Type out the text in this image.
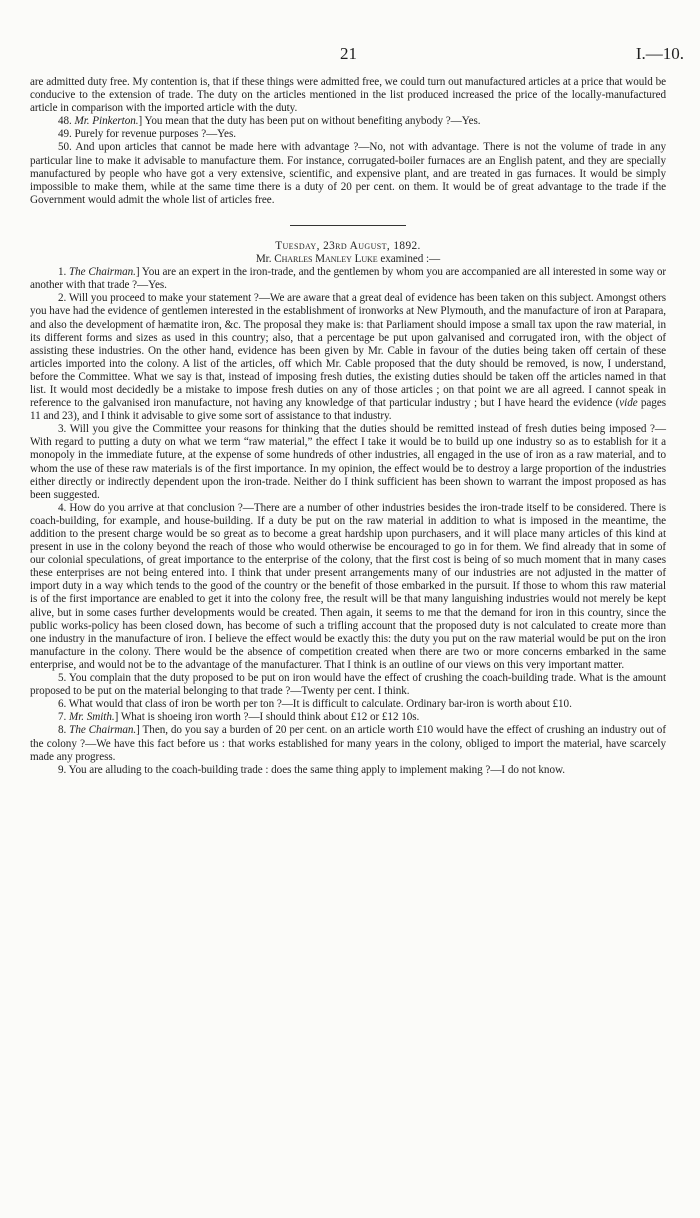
21	I.—10.

are admitted duty free. My contention is, that if these things were admitted free, we could turn out manufactured articles at a price that would be conducive to the extension of trade. The duty on the articles mentioned in the list produced increased the price of the locally-manufactured article in comparison with the imported article with the duty.

48. Mr. Pinkerton.] You mean that the duty has been put on without benefiting anybody ?—Yes.

49. Purely for revenue purposes ?—Yes.

50. And upon articles that cannot be made here with advantage ?—No, not with advantage. There is not the volume of trade in any particular line to make it advisable to manufacture them. For instance, corrugated-boiler furnaces are an English patent, and they are specially manufactured by people who have got a very extensive, scientific, and expensive plant, and are treated in gas furnaces. It would be simply impossible to make them, while at the same time there is a duty of 20 per cent. on them. It would be of great advantage to the trade if the Government would admit the whole list of articles free.

Tuesday, 23rd August, 1892.

Mr. Charles Manley Luke examined :—

1. The Chairman.] You are an expert in the iron-trade, and the gentlemen by whom you are accompanied are all interested in some way or another with that trade ?—Yes.

2. Will you proceed to make your statement ?—We are aware that a great deal of evidence has been taken on this subject. Amongst others you have had the evidence of gentlemen interested in the establishment of ironworks at New Plymouth, and the manufacture of iron at Parapara, and also the development of hæmatite iron, &c. The proposal they make is: that Parliament should impose a small tax upon the raw material, in its different forms and sizes as used in this country; also, that a percentage be put upon galvanised and corrugated iron, with the object of assisting these industries. On the other hand, evidence has been given by Mr. Cable in favour of the duties being taken off certain of these articles imported into the colony. A list of the articles, off which Mr. Cable proposed that the duty should be removed, is now, I understand, before the Committee. What we say is that, instead of imposing fresh duties, the existing duties should be taken off the articles named in that list. It would most decidedly be a mistake to impose fresh duties on any of those articles ; on that point we are all agreed. I cannot speak in reference to the galvanised iron manufacture, not having any knowledge of that particular industry ; but I have heard the evidence (vide pages 11 and 23), and I think it advisable to give some sort of assistance to that industry.

3. Will you give the Committee your reasons for thinking that the duties should be remitted instead of fresh duties being imposed ?—With regard to putting a duty on what we term “raw material,” the effect I take it would be to build up one industry so as to establish for it a monopoly in the immediate future, at the expense of some hundreds of other industries, all engaged in the use of iron as a raw material, and to whom the use of these raw materials is of the first importance. In my opinion, the effect would be to destroy a large proportion of the industries either directly or indirectly dependent upon the iron-trade. Neither do I think sufficient has been shown to warrant the impost proposed as has been suggested.

4. How do you arrive at that conclusion ?—There are a number of other industries besides the iron-trade itself to be considered. There is coach-building, for example, and house-building. If a duty be put on the raw material in addition to what is imposed in the meantime, the addition to the present charge would be so great as to become a great hardship upon purchasers, and it will place many articles of this kind at present in use in the colony beyond the reach of those who would otherwise be encouraged to go in for them. We find already that in some of our colonial speculations, of great importance to the enterprise of the colony, that the first cost is being of so much moment that in many cases these enterprises are not being entered into. I think that under present arrangements many of our industries are not adjusted in the matter of import duty in a way which tends to the good of the country or the benefit of those embarked in the pursuit. If those to whom this raw material is of the first importance are enabled to get it into the colony free, the result will be that many languishing industries would not merely be kept alive, but in some cases further developments would be created. Then again, it seems to me that the demand for iron in this country, since the public works-policy has been closed down, has become of such a trifling account that the proposed duty is not calculated to create more than one industry in the manufacture of iron. I believe the effect would be exactly this: the duty you put on the raw material would be put on the iron manufacture in the colony. There would be the absence of competition created when there are two or more concerns embarked in the same enterprise, and would not be to the advantage of the manufacturer. That I think is an outline of our views on this very important matter.

5. You complain that the duty proposed to be put on iron would have the effect of crushing the coach-building trade. What is the amount proposed to be put on the material belonging to that trade ?—Twenty per cent. I think.

6. What would that class of iron be worth per ton ?—It is difficult to calculate. Ordinary bar-iron is worth about £10.

7. Mr. Smith.] What is shoeing iron worth ?—I should think about £12 or £12 10s.

8. The Chairman.] Then, do you say a burden of 20 per cent. on an article worth £10 would have the effect of crushing an industry out of the colony ?—We have this fact before us : that works established for many years in the colony, obliged to import the material, have scarcely made any progress.

9. You are alluding to the coach-building trade : does the same thing apply to implement making ?—I do not know.
